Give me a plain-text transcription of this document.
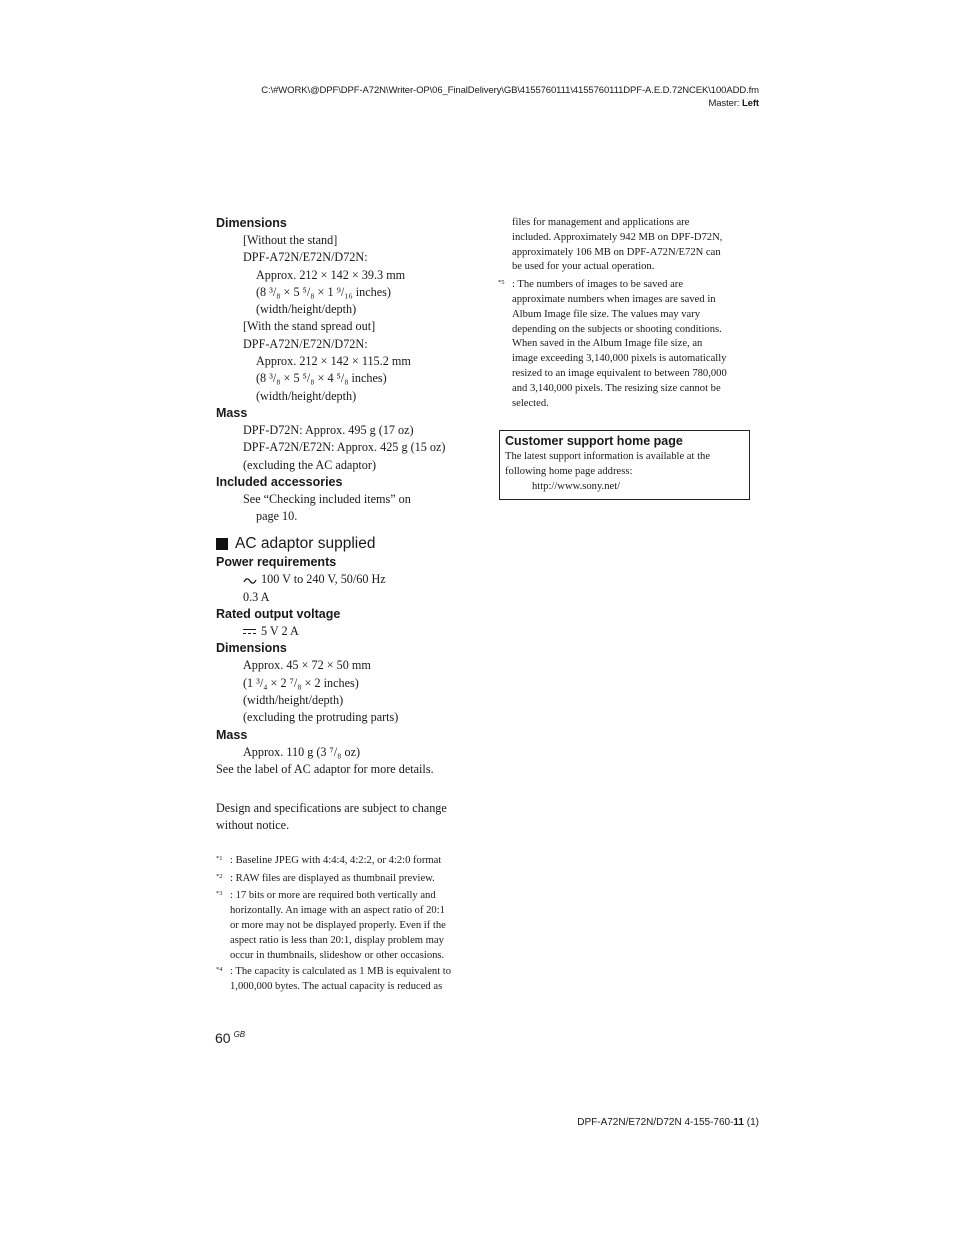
C:\#WORK\@DPF\DPF-A72N\Writer-OP\06_FinalDelivery\GB\4155760111\4155760111DPF-A.E.D.72NCEK\100ADD.fm
Master: Left
Dimensions
[Without the stand]
DPF-A72N/E72N/D72N:
Approx. 212 × 142 × 39.3 mm
(8 ³/₈ × 5 ⁵/₈ × 1 ⁹/₁₆ inches)
(width/height/depth)
[With the stand spread out]
DPF-A72N/E72N/D72N:
Approx. 212 × 142 × 115.2 mm
(8 ³/₈ × 5 ⁵/₈ × 4 ⁵/₈ inches)
(width/height/depth)
Mass
DPF-D72N: Approx. 495 g (17 oz)
DPF-A72N/E72N: Approx. 425 g (15 oz)
(excluding the AC adaptor)
Included accessories
See “Checking included items” on
page 10.
AC adaptor supplied
Power requirements
100 V to 240 V, 50/60 Hz
0.3 A
Rated output voltage
5 V 2 A
Dimensions
Approx. 45 × 72 × 50 mm
(1 ³/₄ × 2 ⁷/₈ × 2 inches)
(width/height/depth)
(excluding the protruding parts)
Mass
Approx. 110 g (3 ⁷/₈ oz)
See the label of AC adaptor for more details.
Design and specifications are subject to change
without notice.
*1 : Baseline JPEG with 4:4:4, 4:2:2, or 4:2:0 format
*2 : RAW files are displayed as thumbnail preview.
*3 : 17 bits or more are required both vertically and
horizontally. An image with an aspect ratio of 20:1
or more may not be displayed properly. Even if the
aspect ratio is less than 20:1, display problem may
occur in thumbnails, slideshow or other occasions.
*4 : The capacity is calculated as 1 MB is equivalent to
1,000,000 bytes. The actual capacity is reduced as
files for management and applications are
included. Approximately 942 MB on DPF-D72N,
approximately 106 MB on DPF-A72N/E72N can
be used for your actual operation.
*5 : The numbers of images to be saved are
approximate numbers when images are saved in
Album Image file size. The values may vary
depending on the subjects or shooting conditions.
When saved in the Album Image file size, an
image exceeding 3,140,000 pixels is automatically
resized to an image equivalent to between 780,000
and 3,140,000 pixels. The resizing size cannot be
selected.
Customer support home page
The latest support information is available at the
following home page address:
http://www.sony.net/
60 $^{GB}$
DPF-A72N/E72N/D72N 4-155-760-11 (1)
